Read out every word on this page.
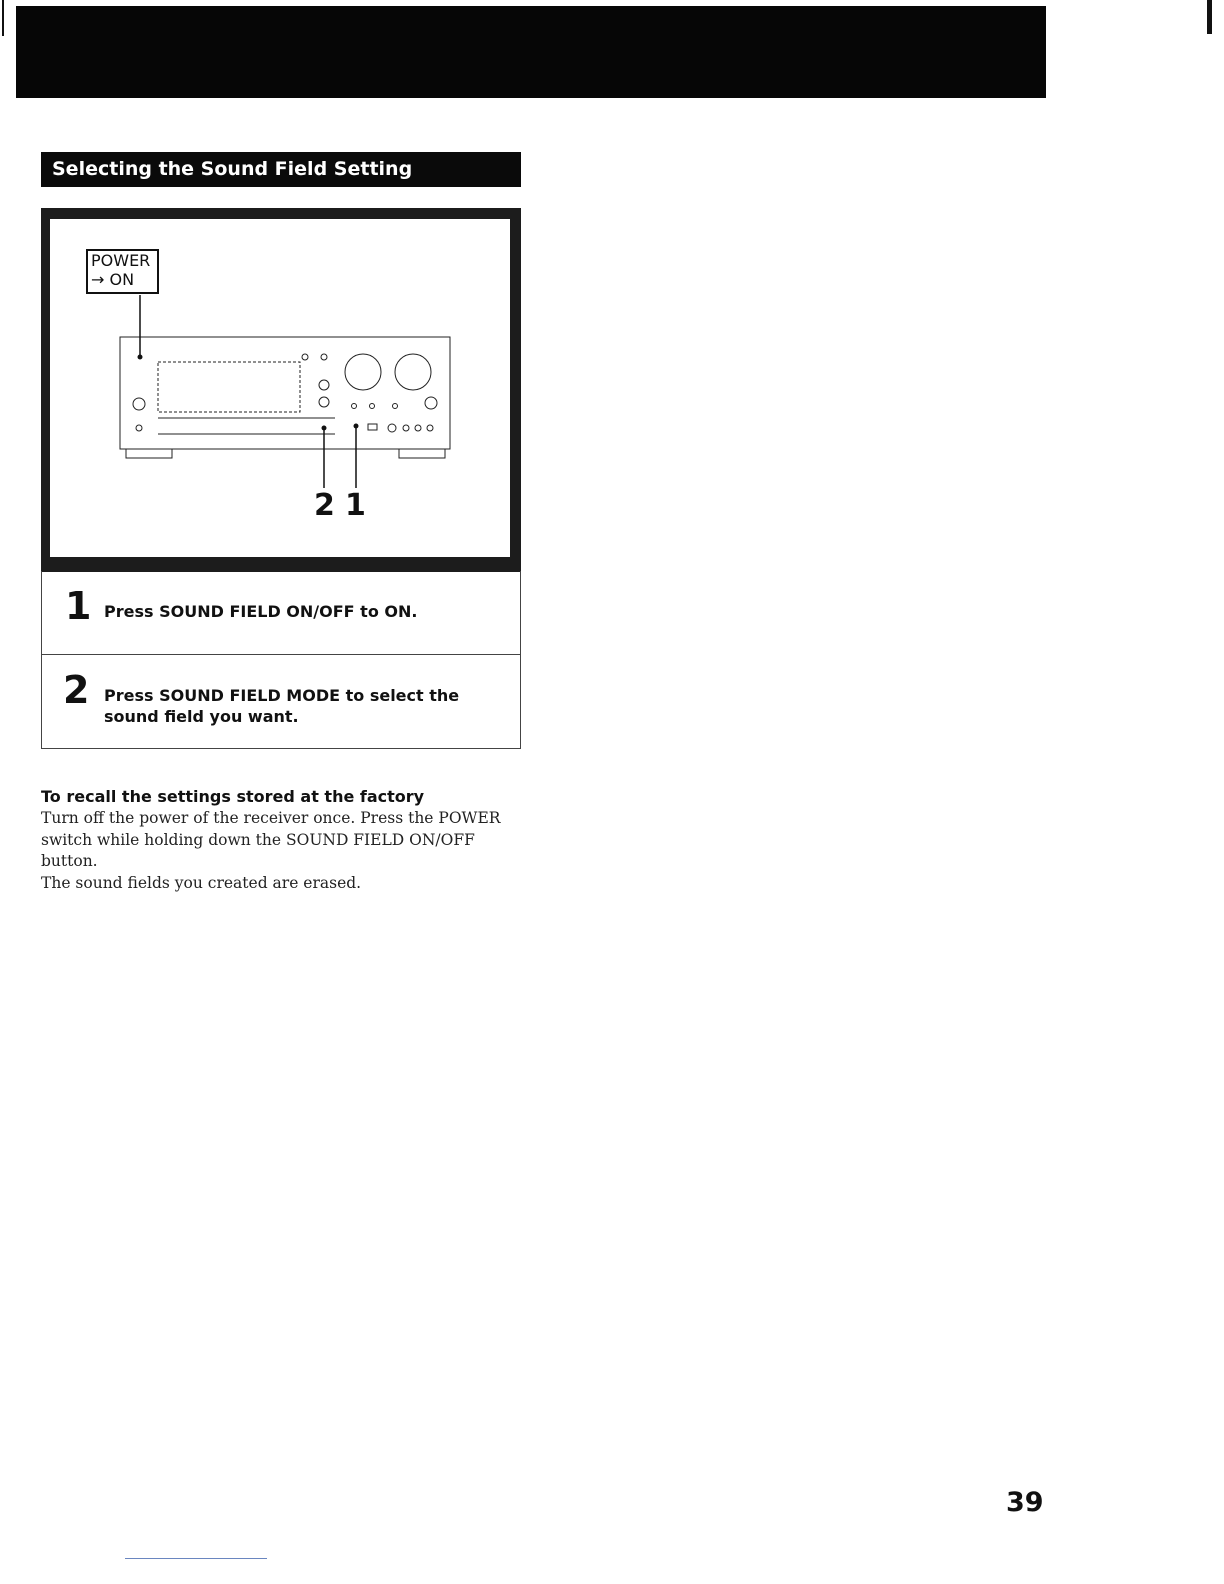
Selecting the Sound Field Setting
POWER
→ ON
2 1
1 Press SOUND FIELD ON/OFF to ON.
2 Press SOUND FIELD MODE to select the
sound field you want.
To recall the settings stored at the factory

Turn off the power of the receiver once. Press the POWER

switch while holding down the SOUND FIELD ON/OFF

button.

The sound fields you created are erased.

39
